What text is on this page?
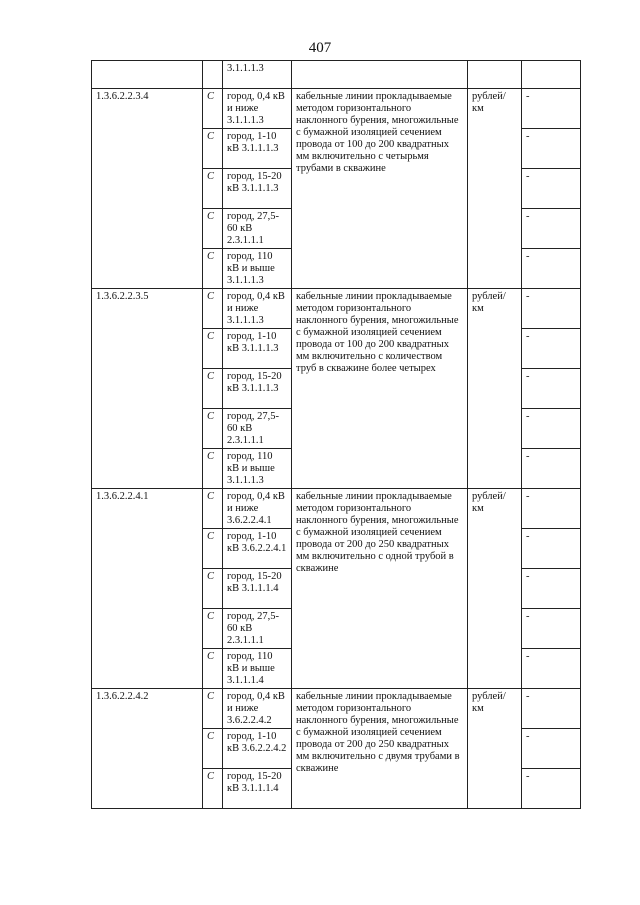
407
		3.1.1.1.3			
1.3.6.2.2.3.4	С	город, 0,4 кВ и ниже 3.1.1.1.3	кабельные линии прокладываемые методом горизонтального наклонного бурения, многожильные с бумажной изоляцией сечением провода от 100 до 200 квадратных мм включительно с четырьмя трубами в скважине	рублей/ км	-
	С	город, 1-10 кВ 3.1.1.1.3			-
	С	город, 15-20 кВ 3.1.1.1.3			-
	С	город, 27,5-60 кВ 2.3.1.1.1			-
	С	город, 110 кВ и выше 3.1.1.1.3			-
1.3.6.2.2.3.5	С	город, 0,4 кВ и ниже 3.1.1.1.3	кабельные линии прокладываемые методом горизонтального наклонного бурения, многожильные с бумажной изоляцией сечением провода от 100 до 200 квадратных мм включительно с количеством труб в скважине более четырех	рублей/ км	-
	С	город, 1-10 кВ 3.1.1.1.3			-
	С	город, 15-20 кВ 3.1.1.1.3			-
	С	город, 27,5-60 кВ 2.3.1.1.1			-
	С	город, 110 кВ и выше 3.1.1.1.3			-
1.3.6.2.2.4.1	С	город, 0,4 кВ и ниже 3.6.2.2.4.1	кабельные линии прокладываемые методом горизонтального наклонного бурения, многожильные с бумажной изоляцией сечением провода от 200 до 250 квадратных мм включительно с одной трубой в скважине	рублей/ км	-
	С	город, 1-10 кВ 3.6.2.2.4.1			-
	С	город, 15-20 кВ 3.1.1.1.4			-
	С	город, 27,5-60 кВ 2.3.1.1.1			-
	С	город, 110 кВ и выше 3.1.1.1.4			-
1.3.6.2.2.4.2	С	город, 0,4 кВ и ниже 3.6.2.2.4.2	кабельные линии прокладываемые методом горизонтального наклонного бурения, многожильные с бумажной изоляцией сечением провода от 200 до 250 квадратных мм включительно с двумя трубами в скважине	рублей/ км	-
	С	город, 1-10 кВ 3.6.2.2.4.2			-
	С	город, 15-20 кВ 3.1.1.1.4			-
